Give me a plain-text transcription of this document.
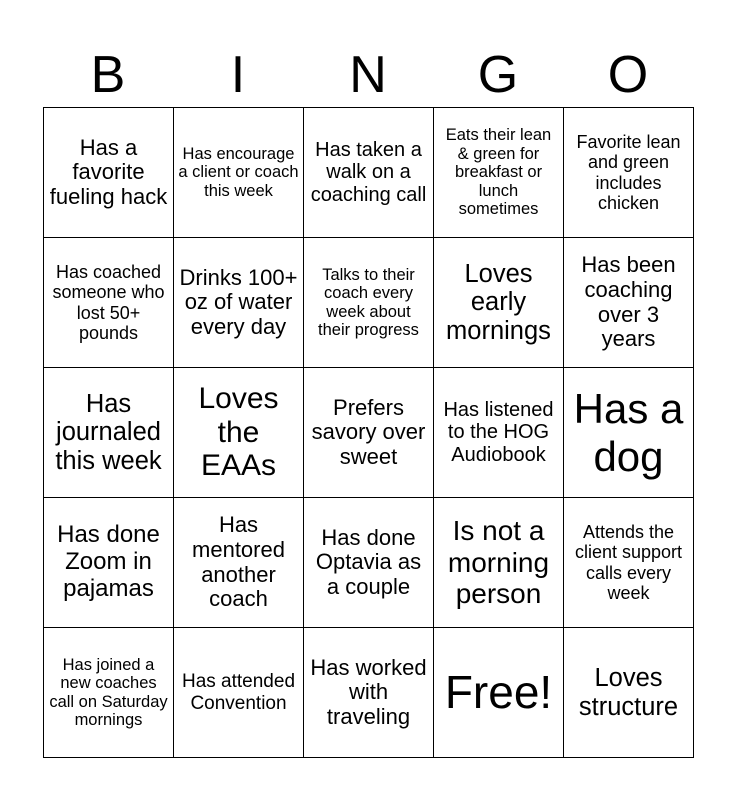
B	I	N	G	O
Has a favorite fueling hack	Has encourage a client or coach this week	Has taken a walk on a coaching call	Eats their lean & green for breakfast or lunch sometimes	Favorite lean and green includes chicken
Has coached someone who lost 50+ pounds	Drinks 100+ oz of water every day	Talks to their coach every week about their progress	Loves early mornings	Has been coaching over 3 years
Has journaled this week	Loves the EAAs	Prefers savory over sweet	Has listened to the HOG Audiobook	Has a dog
Has done Zoom in pajamas	Has mentored another coach	Has done Optavia as a couple	Is not a morning person	Attends the client support calls every week
Has joined a new coaches call on Saturday mornings	Has attended Convention	Has worked with traveling	Free!	Loves structure
